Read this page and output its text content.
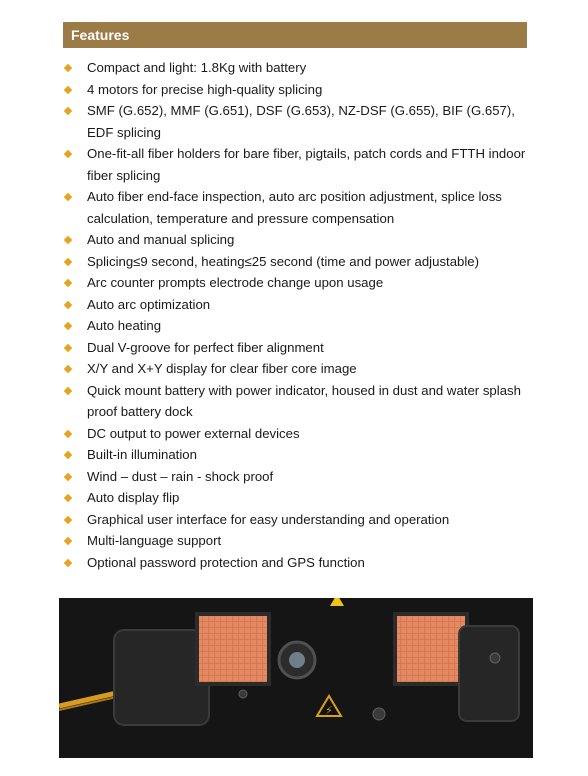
Features
Compact and light: 1.8Kg with battery
4 motors for precise high-quality splicing
SMF (G.652), MMF (G.651), DSF (G.653), NZ-DSF (G.655), BIF (G.657), EDF splicing
One-fit-all fiber holders for bare fiber, pigtails, patch cords and FTTH indoor fiber splicing
Auto fiber end-face inspection, auto arc position adjustment, splice loss calculation, temperature and pressure compensation
Auto and manual splicing
Splicing≤9 second, heating≤25 second (time and power adjustable)
Arc counter prompts electrode change upon usage
Auto arc optimization
Auto heating
Dual V-groove for perfect fiber alignment
X/Y and X+Y display for clear fiber core image
Quick mount battery with power indicator, housed in dust and water splash proof battery dock
DC output to power external devices
Built-in illumination
Wind – dust – rain - shock proof
Auto display flip
Graphical user interface for easy understanding and operation
Multi-language support
Optional password protection and GPS function
⚡
